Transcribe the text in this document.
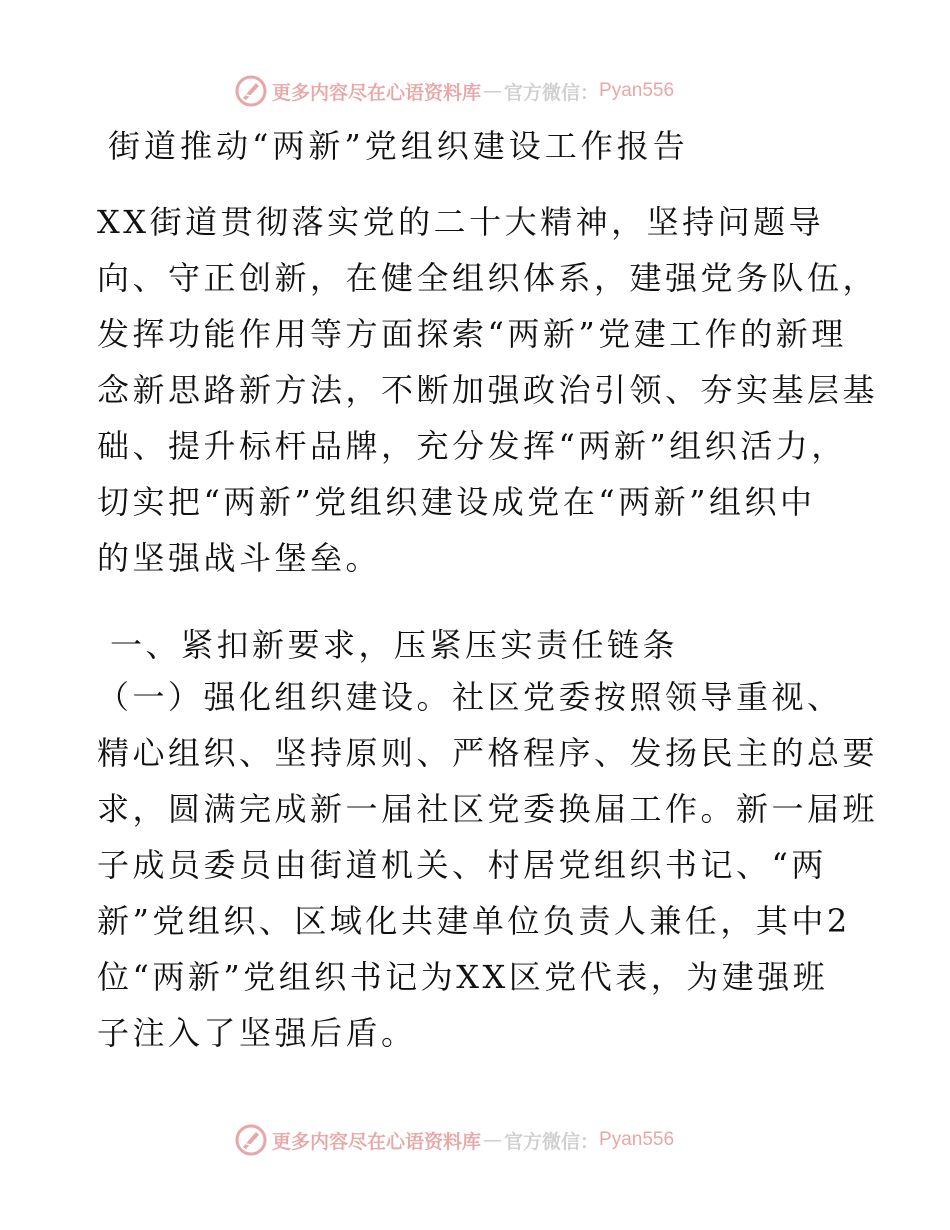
更多内容尽在心语资料库 — 官方微信： Pyan556
街道推动“两新”党组织建设工作报告
XX街道贯彻落实党的二十大精神，坚持问题导
向、守正创新，在健全组织体系，建强党务队伍，
发挥功能作用等方面探索“两新”党建工作的新理
念新思路新方法，不断加强政治引领、夯实基层基
础、提升标杆品牌，充分发挥“两新”组织活力，
切实把“两新”党组织建设成党在“两新”组织中
的坚强战斗堡垒。
一、紧扣新要求，压紧压实责任链条
（一）强化组织建设。社区党委按照领导重视、
精心组织、坚持原则、严格程序、发扬民主的总要
求，圆满完成新一届社区党委换届工作。新一届班
子成员委员由街道机关、村居党组织书记、“两
新”党组织、区域化共建单位负责人兼任，其中2
位“两新”党组织书记为XX区党代表，为建强班
子注入了坚强后盾。
更多内容尽在心语资料库 — 官方微信： Pyan556
